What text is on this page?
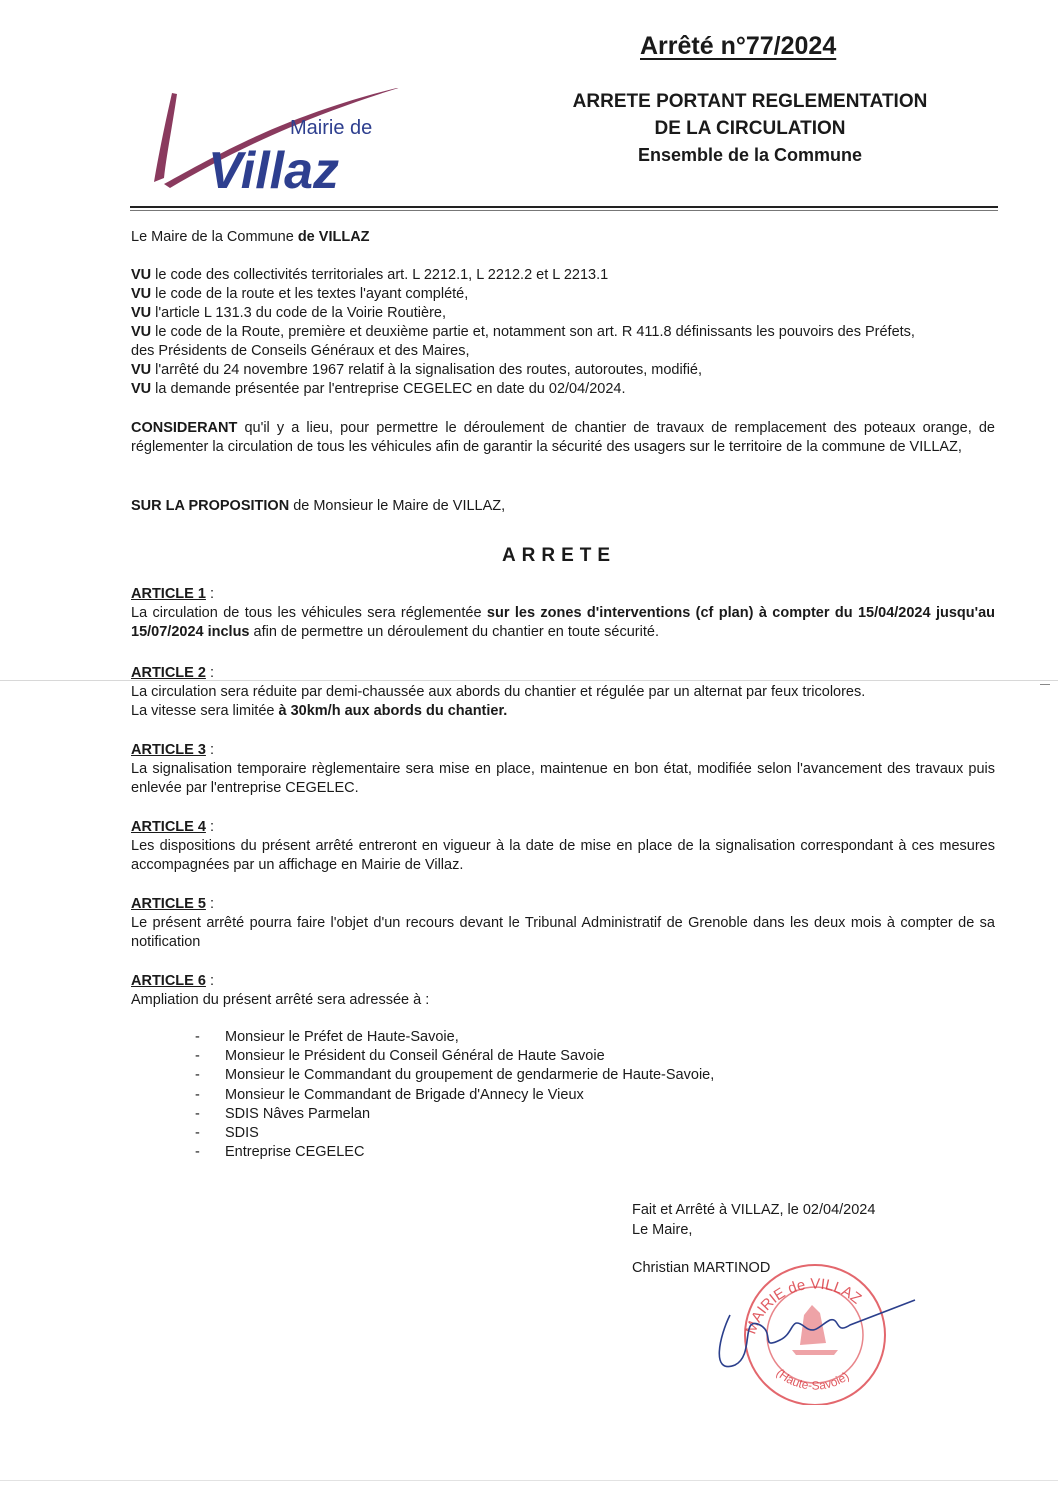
Mairie de
Villaz
Arrêté n°77/2024
ARRETE PORTANT REGLEMENTATION
DE LA CIRCULATION
Ensemble de la Commune
Le Maire de la Commune de VILLAZ
VU le code des collectivités territoriales art. L 2212.1, L 2212.2 et L 2213.1
VU le code de la route et les textes l'ayant complété,
VU l'article L 131.3 du code de la Voirie Routière,
VU le code de la Route, première et deuxième partie et, notamment son art. R 411.8 définissants les pouvoirs des Préfets,
des Présidents de Conseils Généraux et des Maires,
VU l'arrêté du 24 novembre 1967 relatif à la signalisation des routes, autoroutes, modifié,
VU la demande présentée par l'entreprise CEGELEC en date du 02/04/2024.
CONSIDERANT qu'il y a lieu, pour permettre le déroulement de chantier de travaux de remplacement des poteaux orange, de réglementer la circulation de tous les véhicules afin de garantir la sécurité des usagers sur le territoire de la commune de VILLAZ,
SUR LA PROPOSITION de Monsieur le Maire de VILLAZ,
ARRETE
ARTICLE 1 :
La circulation de tous les véhicules sera réglementée sur les zones d'interventions (cf plan) à compter du 15/04/2024 jusqu'au 15/07/2024 inclus afin de permettre un déroulement du chantier en toute sécurité.
ARTICLE 2 :
La circulation sera réduite par demi-chaussée aux abords du chantier et régulée par un alternat par feux tricolores.
La vitesse sera limitée à 30km/h aux abords du chantier.
ARTICLE 3 :
La signalisation temporaire règlementaire sera mise en place, maintenue en bon état, modifiée selon l'avancement des travaux puis enlevée par l'entreprise CEGELEC.
ARTICLE 4 :
Les dispositions du présent arrêté entreront en vigueur à la date de mise en place de la signalisation correspondant à ces mesures accompagnées par un affichage en Mairie de Villaz.
ARTICLE 5 :
Le présent arrêté pourra faire l'objet d'un recours devant le Tribunal Administratif de Grenoble dans les deux mois à compter de sa notification
ARTICLE 6 :
Ampliation du présent arrêté sera adressée à :
- Monsieur le Préfet de Haute-Savoie,
- Monsieur le Président du Conseil Général de Haute Savoie
- Monsieur le Commandant du groupement de gendarmerie de Haute-Savoie,
- Monsieur le Commandant de Brigade d'Annecy le Vieux
- SDIS Nâves Parmelan
- SDIS
- Entreprise CEGELEC
Fait et Arrêté à VILLAZ, le 02/04/2024
Le Maire,
Christian MARTINOD
MAIRIE de VILLAZ
(Haute-Savoie)
